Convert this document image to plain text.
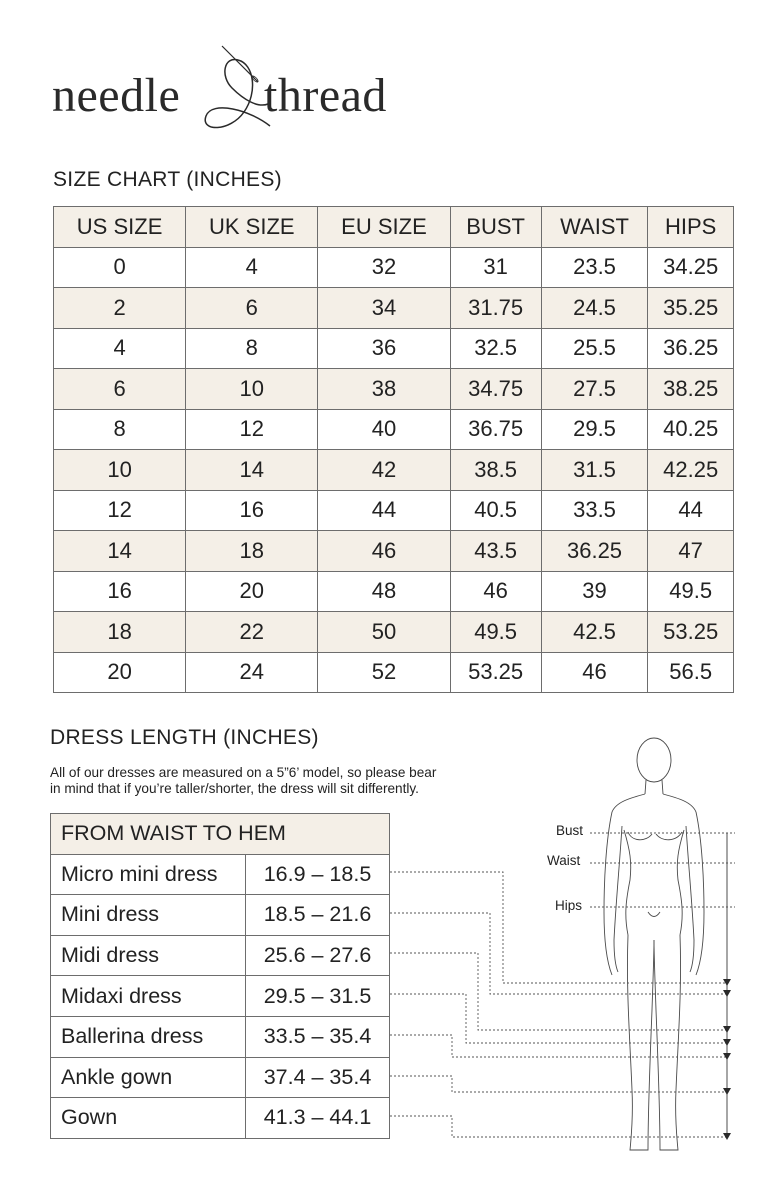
needle thread
SIZE CHART (INCHES)
US SIZE	UK SIZE	EU SIZE	BUST	WAIST	HIPS
0	4	32	31	23.5	34.25
2	6	34	31.75	24.5	35.25
4	8	36	32.5	25.5	36.25
6	10	38	34.75	27.5	38.25
8	12	40	36.75	29.5	40.25
10	14	42	38.5	31.5	42.25
12	16	44	40.5	33.5	44
14	18	46	43.5	36.25	47
16	20	48	46	39	49.5
18	22	50	49.5	42.5	53.25
20	24	52	53.25	46	56.5
DRESS LENGTH (INCHES)
All of our dresses are measured on a 5”6’ model, so please bear
in mind that if you’re taller/shorter, the dress will sit differently.
FROM WAIST TO HEM	
Micro mini dress	16.9 – 18.5
Mini dress	18.5 – 21.6
Midi dress	25.6 – 27.6
Midaxi dress	29.5 – 31.5
Ballerina dress	33.5 – 35.4
Ankle gown	37.4 – 35.4
Gown	41.3 – 44.1
Bust
Waist
Hips
